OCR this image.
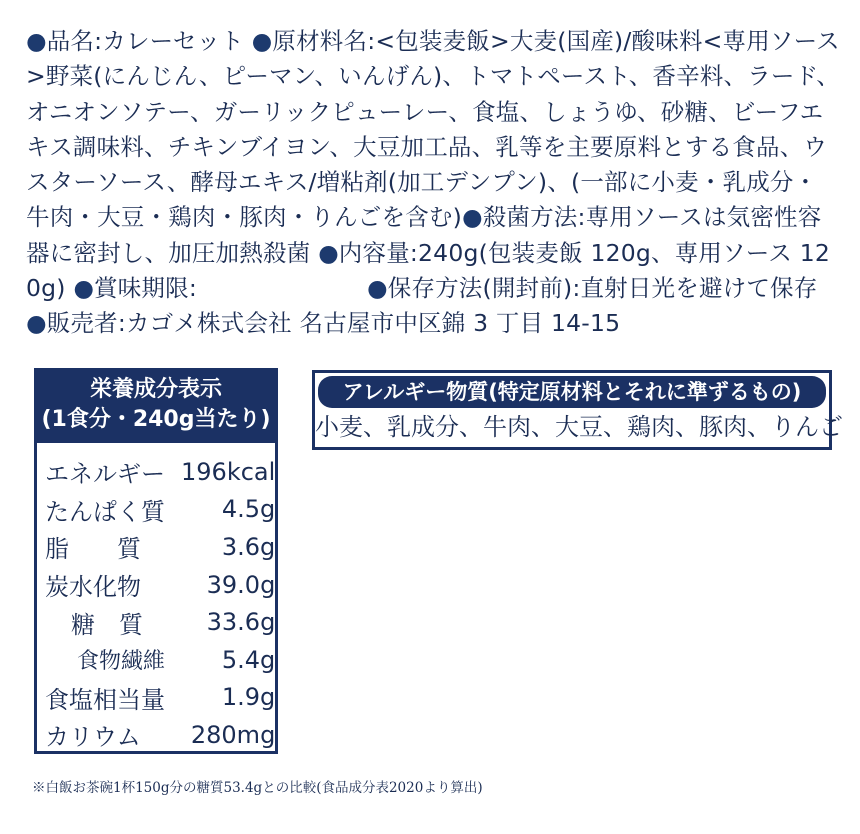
●品名:カレーセット ●原材料名:<包装麦飯>大麦(国産)/酸味料<専用ソース>野菜(にんじん、ピーマン、いんげん)、トマトペースト、香辛料、ラード、オニオンソテー、ガーリックピューレー、食塩、しょうゆ、砂糖、ビーフエキス調味料、チキンブイヨン、大豆加工品、乳等を主要原料とする食品、ウスターソース、酵母エキス/増粘剤(加工デンプン)、(一部に小麦・乳成分・牛肉・大豆・鶏肉・豚肉・りんごを含む)●殺菌方法:専用ソースは気密性容器に密封し、加圧加熱殺菌 ●内容量:240g(包装麦飯 120g、専用ソース 120g) ●賞味期限:	●保存方法(開封前):直射日光を避けて保存 ●販売者:カゴメ株式会社 名古屋市中区錦 3 丁目 14-15

栄養成分表示
(1食分・240g当たり)
エネルギー	196kcal
たんぱく質	4.5g
脂　　質	3.6g
炭水化物	39.0g
糖　質	33.6g
食物繊維	5.4g
食塩相当量	1.9g
カリウム	280mg
アレルギー物質(特定原材料とそれに準ずるもの)
小麦、乳成分、牛肉、大豆、鶏肉、豚肉、りんご
※白飯お茶碗1杯150g分の糖質53.4gとの比較(食品成分表2020より算出)
